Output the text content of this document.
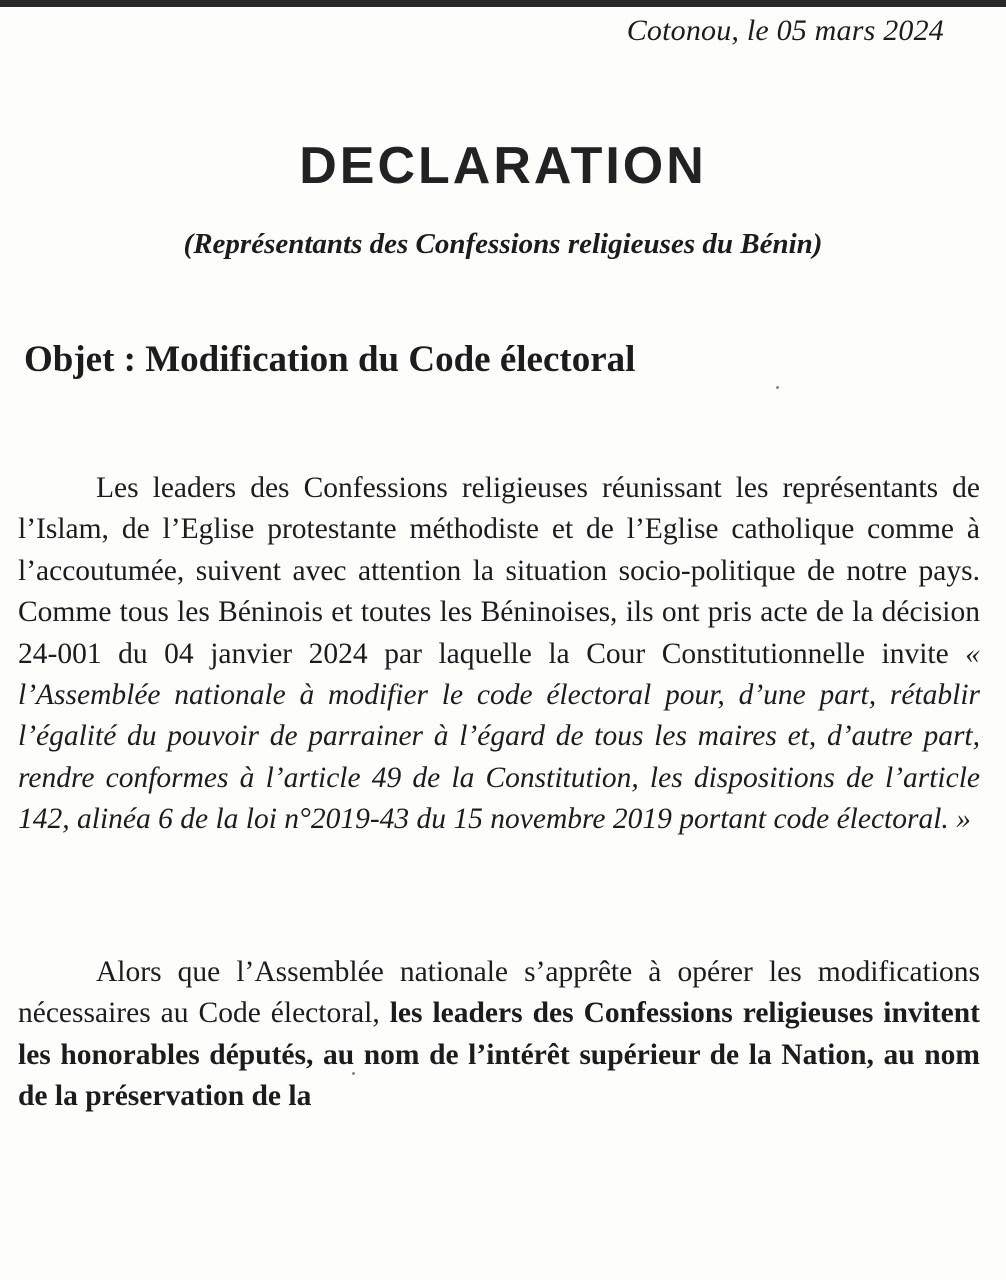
Cotonou, le 05 mars 2024
DECLARATION
(Représentants des Confessions religieuses du Bénin)
Objet : Modification du Code électoral
Les leaders des Confessions religieuses réunissant les représentants de l’Islam, de l’Eglise protestante méthodiste et de l’Eglise catholique comme à l’accoutumée, suivent avec attention la situation socio-politique de notre pays. Comme tous les Béninois et toutes les Béninoises, ils ont pris acte de la décision 24-001 du 04 janvier 2024 par laquelle la Cour Constitutionnelle invite « l’Assemblée nationale à modifier le code électoral pour, d’une part, rétablir l’égalité du pouvoir de parrainer à l’égard de tous les maires et, d’autre part, rendre conformes à l’article 49 de la Constitution, les dispositions de l’article 142, alinéa 6 de la loi n°2019-43 du 15 novembre 2019 portant code électoral. »
Alors que l’Assemblée nationale s’apprête à opérer les modifications nécessaires au Code électoral, les leaders des Confessions religieuses invitent les honorables députés, au nom de l’intérêt supérieur de la Nation, au nom de la préservation de la
